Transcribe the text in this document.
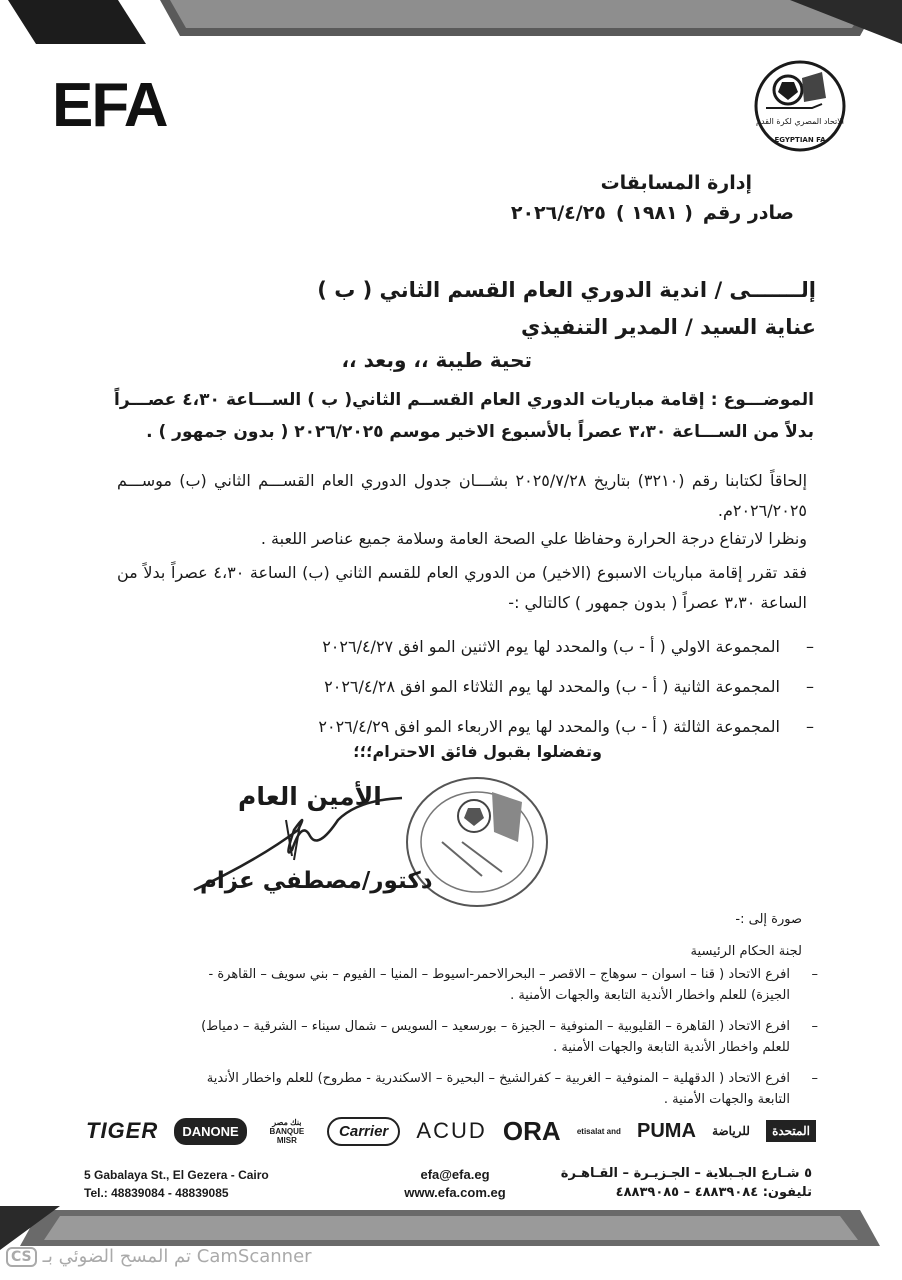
EFA	الاتحاد المصري لكرة القدم
EGYPTIAN FA
إدارة المسابقات
صادر رقم
( ١٩٨١ )
٢٠٢٦/٤/٢٥
إلـــــــى / اندية الدوري العام القسم الثاني ( ب )
عناية السيد / المدير التنفيذي
تحية طيبة ،، وبعد ،،
الموضـــوع : إقامة مباريات الدوري العام القســم الثاني( ب ) الســـاعة ٤،٣٠ عصـــراً بدلاً من الســـاعة ٣،٣٠ عصراً بالأسبوع الاخير موسم ٢٠٢٦/٢٠٢٥ ( بدون جمهور ) .
إلحاقاً لكتابنا رقم (٣٢١٠) بتاريخ ٢٠٢٥/٧/٢٨ بشـــان جدول الدوري العام القســـم الثاني (ب) موســـم ٢٠٢٦/٢٠٢٥م.
ونظرا لارتفاع درجة الحرارة وحفاظا علي الصحة العامة وسلامة جميع عناصر اللعبة .
فقد تقرر إقامة مباريات الاسبوع (الاخير) من الدوري العام للقسم الثاني (ب) الساعة ٤،٣٠ عصراً بدلاً من الساعة ٣،٣٠ عصراً ( بدون جمهور ) كالتالي :-
–
المجموعة الاولي ( أ - ب) والمحدد لها يوم الاثنين المو افق ٢٠٢٦/٤/٢٧
–
المجموعة الثانية ( أ - ب) والمحدد لها يوم الثلاثاء المو افق ٢٠٢٦/٤/٢٨
–
المجموعة الثالثة ( أ - ب) والمحدد لها يوم الاربعاء المو افق ٢٠٢٦/٤/٢٩
وتفضلوا بقبول فائق الاحترام؛؛؛
الأمين العام
دكتور/مصطفي عزام
صورة إلى :-
لجنة الحكام الرئيسية
–
افرع الاتحاد ( قنا – اسوان – سوهاج – الاقصر – البحرالاحمر-اسيوط – المنيا – الفيوم – بني سويف – القاهرة - الجيزة) للعلم واخطار الأندية التابعة والجهات الأمنية .
–
افرع الاتحاد ( القاهرة – القليوبية – المنوفية – الجيزة – بورسعيد – السويس – شمال سيناء – الشرقية – دمياط) للعلم واخطار الأندية التابعة والجهات الأمنية .
–
افرع الاتحاد ( الدقهلية – المنوفية – الغربية – كفرالشيخ – البحيرة – الاسكندرية - مطروح) للعلم واخطار الأندية التابعة والجهات الأمنية .
TIGER	DANONE
بنك مصر BANQUE MISR
Carrier	ACUD ORA etisalat and PUMA للرياضة	المتحدة
5 Gabalaya St., El Gezera - Cairo
Tel.: 48839084 - 48839085
efa@efa.eg
www.efa.com.eg
٥ شـارع الجـبلاية – الجـزيـرة – القـاهـرة
تليفون: ٤٨٨٣٩٠٨٤ – ٤٨٨٣٩٠٨٥
CS تم المسح الضوئي بـ CamScanner
